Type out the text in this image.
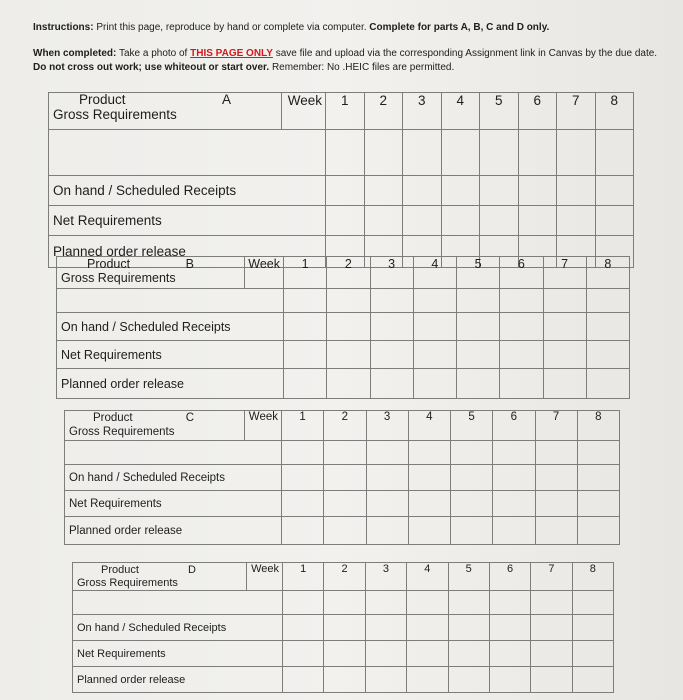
Instructions: Print this page, reproduce by hand or complete via computer. Complete for parts A, B, C and D only.
When completed: Take a photo of THIS PAGE ONLY save file and upload via the corresponding Assignment link in Canvas by the due date. Do not cross out work; use whiteout or start over. Remember: No .HEIC files are permitted.
Product A
Gross Requirements	Week	1	2	3	4	5	6	7	8

On hand / Scheduled Receipts									
Net Requirements									
Planned order release									
Product B
Gross Requirements	Week	1	2	3	4	5	6	7	8

On hand / Scheduled Receipts									
Net Requirements									
Planned order release									
Product C
Gross Requirements	Week	1	2	3	4	5	6	7	8

On hand / Scheduled Receipts									
Net Requirements									
Planned order release									
Product D
Gross Requirements	Week	1	2	3	4	5	6	7	8

On hand / Scheduled Receipts									
Net Requirements									
Planned order release									
